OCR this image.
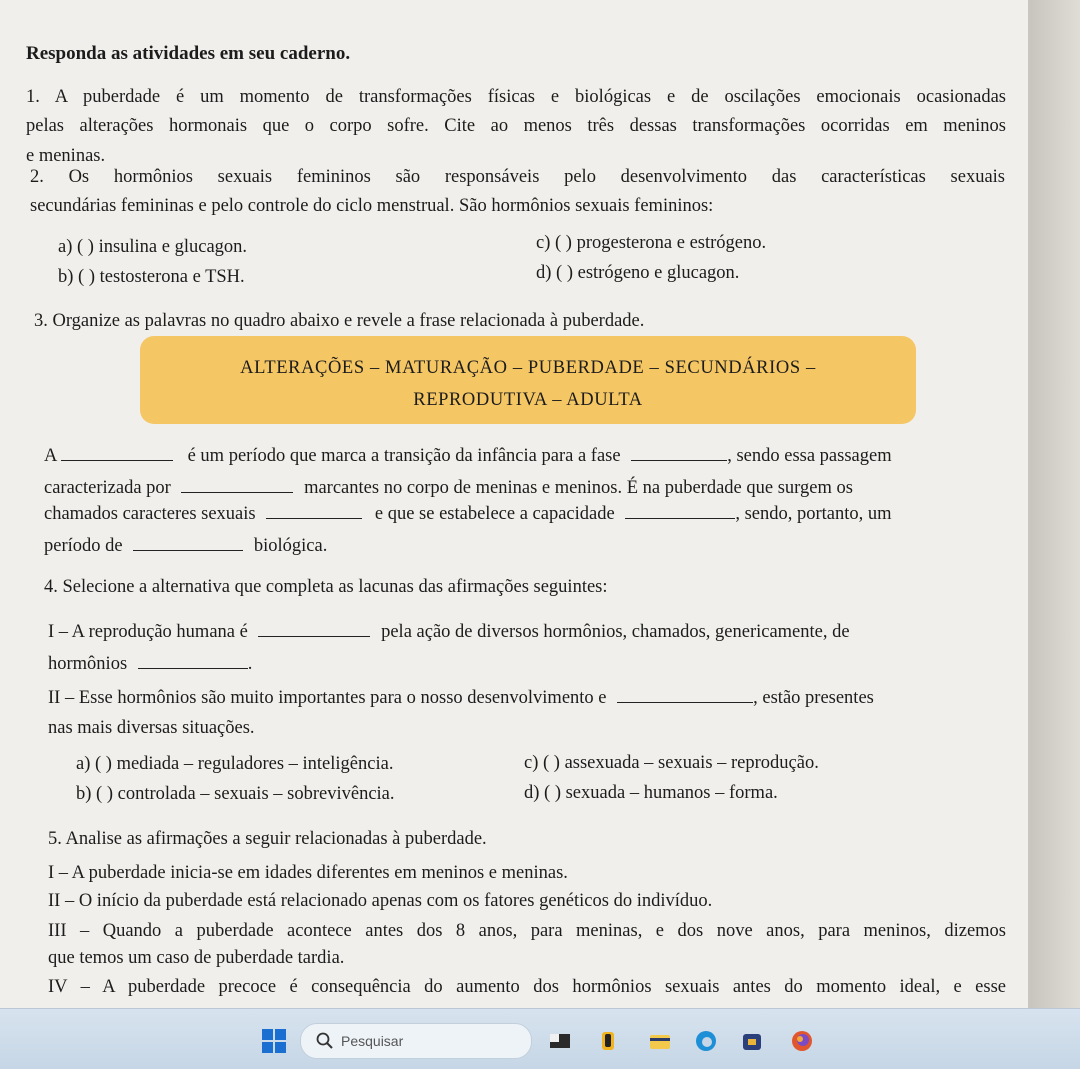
Responda as atividades em seu caderno.
1. A puberdade é um momento de transformações físicas e biológicas e de oscilações emocionais ocasionadas
pelas alterações hormonais que o corpo sofre. Cite ao menos três dessas transformações ocorridas em meninos
e meninas.
2. Os hormônios sexuais femininos são responsáveis pelo desenvolvimento das características sexuais
secundárias femininas e pelo controle do ciclo menstrual. São hormônios sexuais femininos:
a) ( ) insulina e glucagon.	c) ( ) progesterona e estrógeno.
b) ( ) testosterona e TSH.	d) ( ) estrógeno e glucagon.
3. Organize as palavras no quadro abaixo e revele a frase relacionada à puberdade.
ALTERAÇÕES – MATURAÇÃO – PUBERDADE – SECUNDÁRIOS –
REPRODUTIVA – ADULTA
A	é um período que marca a transição da infância para a fase	, sendo essa passagem
caracterizada por	marcantes no corpo de meninas e meninos. É na puberdade que surgem os
chamados caracteres sexuais	e que se estabelece a capacidade	, sendo, portanto, um
período de	biológica.
4. Selecione a alternativa que completa as lacunas das afirmações seguintes:
I – A reprodução humana é	pela ação de diversos hormônios, chamados, genericamente, de
hormônios	.
II – Esse hormônios são muito importantes para o nosso desenvolvimento e	, estão presentes
nas mais diversas situações.
a) ( ) mediada – reguladores – inteligência.	c) ( ) assexuada – sexuais – reprodução.
b) ( ) controlada – sexuais – sobrevivência.	d) ( ) sexuada – humanos – forma.
5. Analise as afirmações a seguir relacionadas à puberdade.
I – A puberdade inicia-se em idades diferentes em meninos e meninas.
II – O início da puberdade está relacionado apenas com os fatores genéticos do indivíduo.
III – Quando a puberdade acontece antes dos 8 anos, para meninas, e dos nove anos, para meninos, dizemos
que temos um caso de puberdade tardia.
IV – A puberdade precoce é consequência do aumento dos hormônios sexuais antes do momento ideal, e esse
Pesquisar
